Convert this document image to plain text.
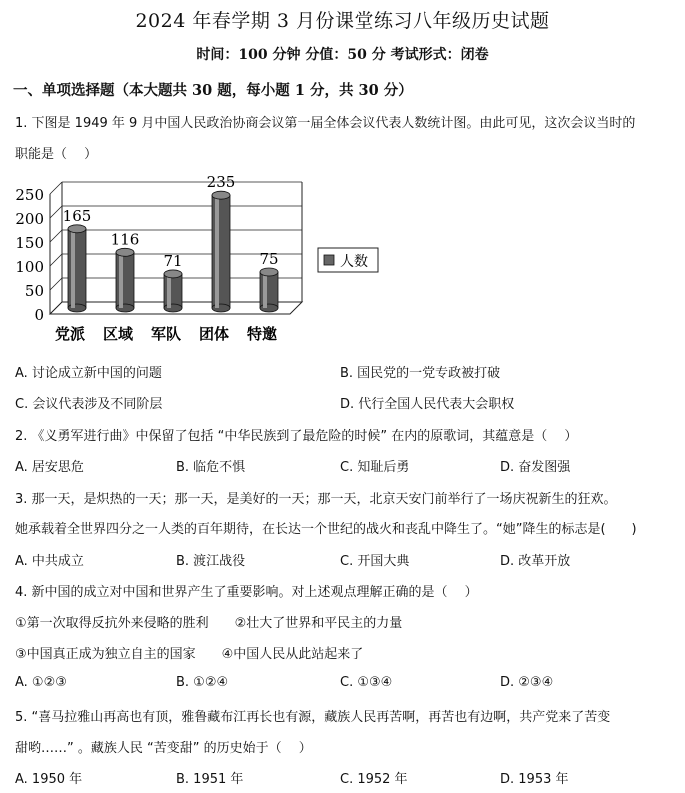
2024 年春学期 3 月份课堂练习八年级历史试题
时间：100 分钟 分值：50 分 考试形式：闭卷
一、单项选择题（本大题共 30 题，每小题 1 分，共 30 分）
1. 下图是 1949 年 9 月中国人民政治协商会议第一届全体会议代表人数统计图。由此可见，这次会议当时的
职能是（　 ）
0
50
100
150
200
250
165
116
71
235
75
党派 区域 军队 团体 特邀
人数
A. 讨论成立新中国的问题	B. 国民党的一党专政被打破
C. 会议代表涉及不同阶层	D. 代行全国人民代表大会职权
2. 《义勇军进行曲》中保留了包括 “中华民族到了最危险的时候” 在内的原歌词，其蕴意是（　 ）
A. 居安思危	B. 临危不惧	C. 知耻后勇	D. 奋发图强
3. 那一天，是炽热的一天；那一天，是美好的一天；那一天，北京天安门前举行了一场庆祝新生的狂欢。
她承载着全世界四分之一人类的百年期待，在长达一个世纪的战火和丧乱中降生了。“她”降生的标志是(　　)
A. 中共成立	B. 渡江战役	C. 开国大典	D. 改革开放
4. 新中国的成立对中国和世界产生了重要影响。对上述观点理解正确的是（　 ）
①第一次取得反抗外来侵略的胜利　　②壮大了世界和平民主的力量
③中国真正成为独立自主的国家　　④中国人民从此站起来了
A. ①②③	B. ①②④	C. ①③④	D. ②③④
5. “喜马拉雅山再高也有顶，雅鲁藏布江再长也有源，藏族人民再苦啊，再苦也有边啊，共产党来了苦变
甜哟……” 。藏族人民 “苦变甜” 的历史始于（　 ）
A. 1950 年	B. 1951 年	C. 1952 年	D. 1953 年
